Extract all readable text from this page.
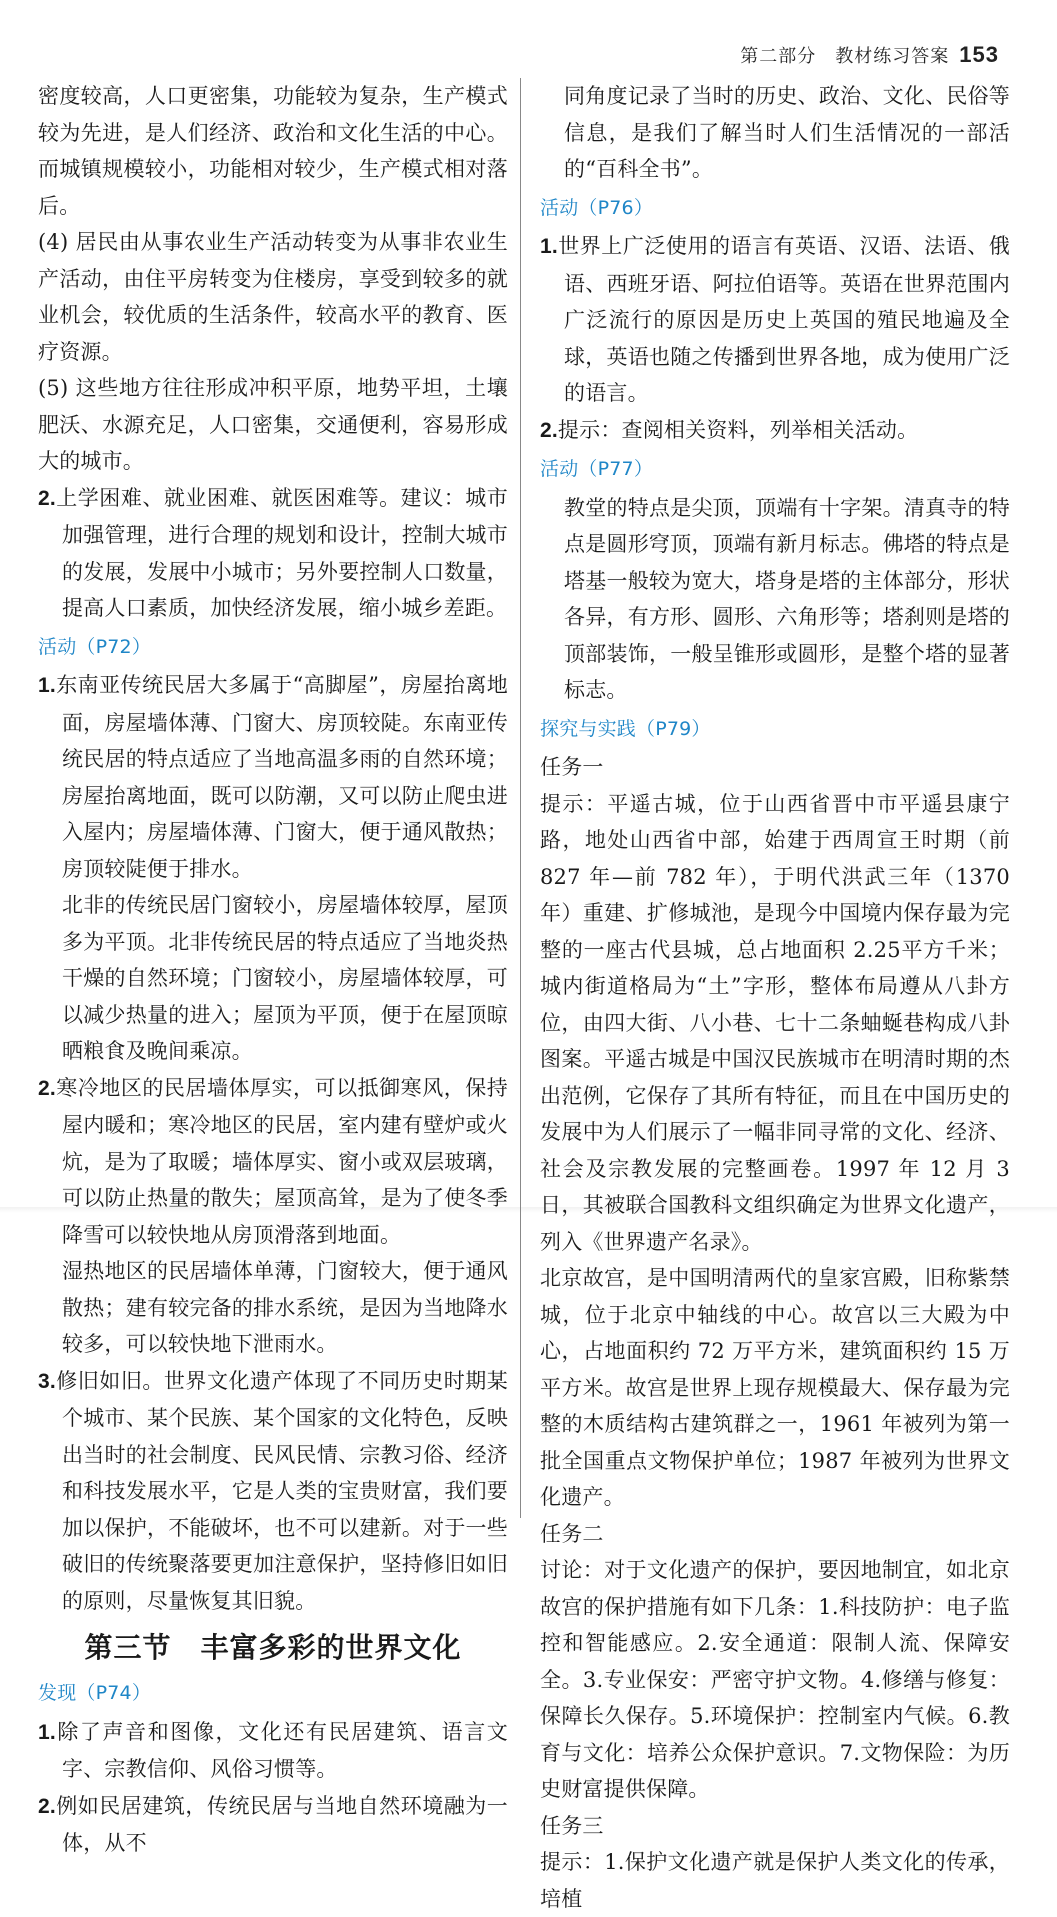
第二部分　教材练习答案 153

密度较高，人口更密集，功能较为复杂，生产模式较为先进，是人们经济、政治和文化生活的中心。而城镇规模较小，功能相对较少，生产模式相对落后。

(4) 居民由从事农业生产活动转变为从事非农业生产活动，由住平房转变为住楼房，享受到较多的就业机会，较优质的生活条件，较高水平的教育、医疗资源。

(5) 这些地方往往形成冲积平原，地势平坦，土壤肥沃、水源充足，人口密集，交通便利，容易形成大的城市。

2.上学困难、就业困难、就医困难等。建议：城市加强管理，进行合理的规划和设计，控制大城市的发展，发展中小城市；另外要控制人口数量，提高人口素质，加快经济发展，缩小城乡差距。

活动（P72）

1.东南亚传统民居大多属于“高脚屋”，房屋抬离地面，房屋墙体薄、门窗大、房顶较陡。东南亚传统民居的特点适应了当地高温多雨的自然环境；房屋抬离地面，既可以防潮，又可以防止爬虫进入屋内；房屋墙体薄、门窗大，便于通风散热；房顶较陡便于排水。

北非的传统民居门窗较小，房屋墙体较厚，屋顶多为平顶。北非传统民居的特点适应了当地炎热干燥的自然环境；门窗较小，房屋墙体较厚，可以减少热量的进入；屋顶为平顶，便于在屋顶晾晒粮食及晚间乘凉。

2.寒冷地区的民居墙体厚实，可以抵御寒风，保持屋内暖和；寒冷地区的民居，室内建有壁炉或火炕，是为了取暖；墙体厚实、窗小或双层玻璃，可以防止热量的散失；屋顶高耸，是为了使冬季降雪可以较快地从房顶滑落到地面。

湿热地区的民居墙体单薄，门窗较大，便于通风散热；建有较完备的排水系统，是因为当地降水较多，可以较快地下泄雨水。

3.修旧如旧。世界文化遗产体现了不同历史时期某个城市、某个民族、某个国家的文化特色，反映出当时的社会制度、民风民情、宗教习俗、经济和科技发展水平，它是人类的宝贵财富，我们要加以保护，不能破坏，也不可以建新。对于一些破旧的传统聚落要更加注意保护，坚持修旧如旧的原则，尽量恢复其旧貌。

第三节　丰富多彩的世界文化
发现（P74）

1.除了声音和图像，文化还有民居建筑、语言文字、宗教信仰、风俗习惯等。

2.例如民居建筑，传统民居与当地自然环境融为一体，从不

同角度记录了当时的历史、政治、文化、民俗等信息，是我们了解当时人们生活情况的一部活的“百科全书”。

活动（P76）

1.世界上广泛使用的语言有英语、汉语、法语、俄语、西班牙语、阿拉伯语等。英语在世界范围内广泛流行的原因是历史上英国的殖民地遍及全球，英语也随之传播到世界各地，成为使用广泛的语言。

2.提示：查阅相关资料，列举相关活动。

活动（P77）

教堂的特点是尖顶，顶端有十字架。清真寺的特点是圆形穹顶，顶端有新月标志。佛塔的特点是塔基一般较为宽大，塔身是塔的主体部分，形状各异，有方形、圆形、六角形等；塔刹则是塔的顶部装饰，一般呈锥形或圆形，是整个塔的显著标志。

探究与实践（P79）

任务一

提示：平遥古城，位于山西省晋中市平遥县康宁路，地处山西省中部，始建于西周宣王时期（前 827 年—前 782 年），于明代洪武三年（1370 年）重建、扩修城池，是现今中国境内保存最为完整的一座古代县城，总占地面积 2.25平方千米；城内街道格局为“土”字形，整体布局遵从八卦方位，由四大街、八小巷、七十二条蚰蜒巷构成八卦图案。平遥古城是中国汉民族城市在明清时期的杰出范例，它保存了其所有特征，而且在中国历史的发展中为人们展示了一幅非同寻常的文化、经济、社会及宗教发展的完整画卷。1997 年 12 月 3 日，其被联合国教科文组织确定为世界文化遗产，列入《世界遗产名录》。

北京故宫，是中国明清两代的皇家宫殿，旧称紫禁城，位于北京中轴线的中心。故宫以三大殿为中心，占地面积约 72 万平方米，建筑面积约 15 万平方米。故宫是世界上现存规模最大、保存最为完整的木质结构古建筑群之一，1961 年被列为第一批全国重点文物保护单位；1987 年被列为世界文化遗产。

任务二

讨论：对于文化遗产的保护，要因地制宜，如北京故宫的保护措施有如下几条：1.科技防护：电子监控和智能感应。2.安全通道：限制人流、保障安全。3.专业保安：严密守护文物。4.修缮与修复：保障长久保存。5.环境保护：控制室内气候。6.教育与文化：培养公众保护意识。7.文物保险：为历史财富提供保障。

任务三

提示：1.保护文化遗产就是保护人类文化的传承，培植
